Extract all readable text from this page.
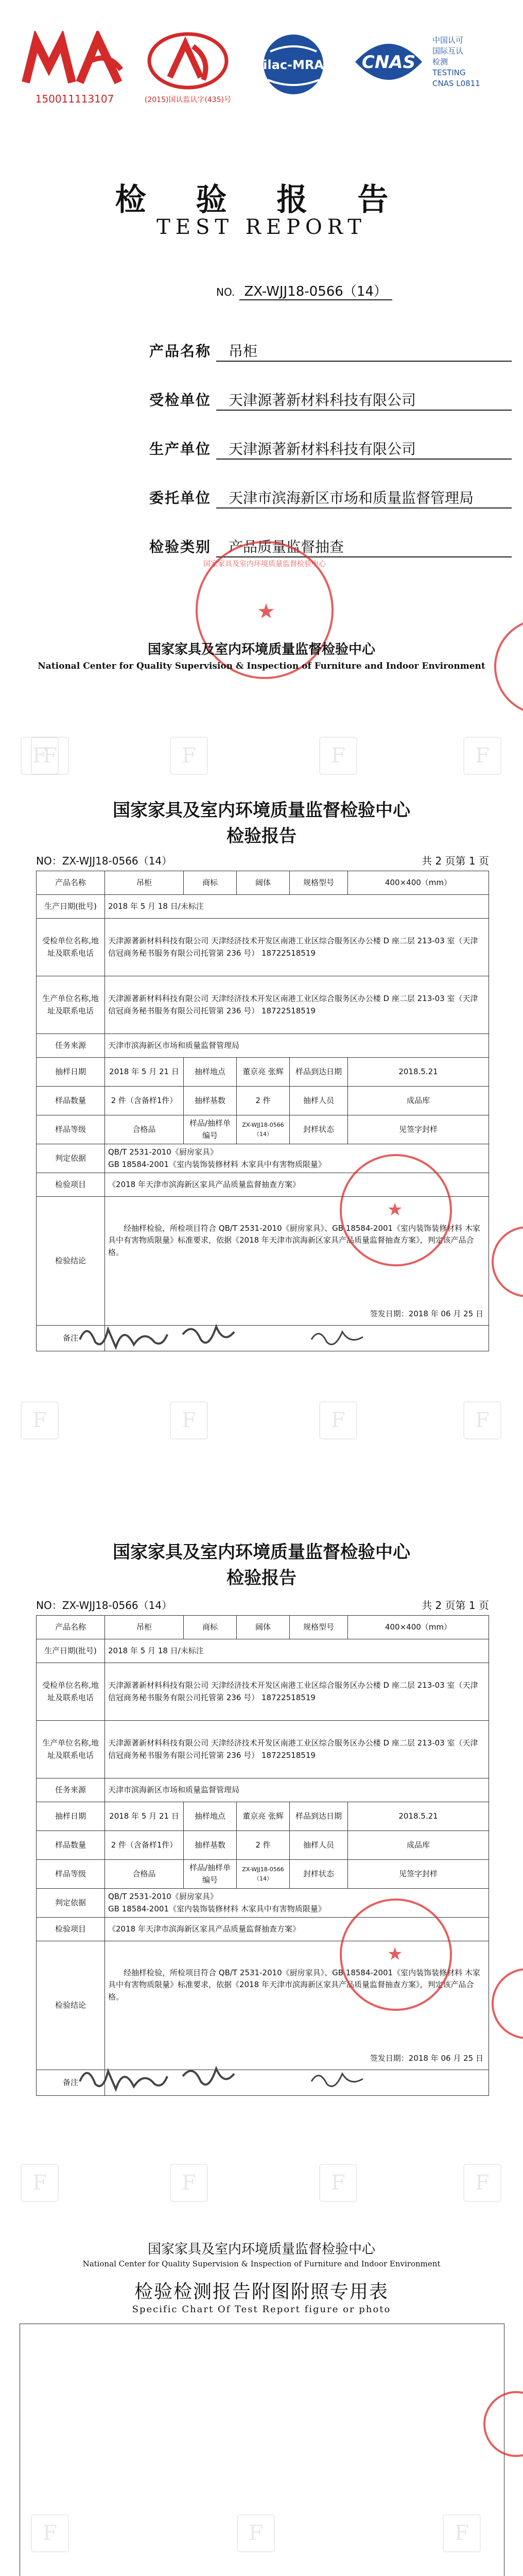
150011113107	(2015)国认监认字(435)号
ilac-MRA CNAS
中国认可
国际互认
检测
TESTING
CNAS L0811
检 验 报 告
TEST REPORT
NO. ZX-WJJ18-0566（14）
产品名称	吊柜
受检单位	天津源著新材料科技有限公司
生产单位	天津源著新材料科技有限公司
委托单位	天津市滨海新区市场和质量监督管理局
检验类别	产品质量监督抽查
★
国家家具及室内环境质量监督检验中心
国家家具及室内环境质量监督检验中心
National Center for Quality Supervision & Inspection of Furniture and Indoor Environment
F
F	F	F	F
国家家具及室内环境质量监督检验中心
检验报告
NO：ZX-WJJ18-0566（14）	共 2 页第 1 页
产品名称	吊柜	商标	阔体	规格型号	400×400（mm）
生产日期(批号)	2018 年 5 月 18 日/未标注				
受检单位名称,地址及联系电话	天津源著新材料科技有限公司 天津经济技术开发区南港工业区综合服务区办公楼 D 座二层 213-03 室（天津信冠商务秘书服务有限公司托管第 236 号） 18722518519				
生产单位名称,地址及联系电话	天津源著新材料科技有限公司 天津经济技术开发区南港工业区综合服务区办公楼 D 座二层 213-03 室（天津信冠商务秘书服务有限公司托管第 236 号） 18722518519				
任务来源	天津市滨海新区市场和质量监督管理局				
抽样日期	2018 年 5 月 21 日	抽样地点	董京亮 张辉	样品到达日期	2018.5.21
样品数量	2 件（含备样1件）	抽样基数	2 件	抽样人员	成品库
样品等级	合格品	样品/抽样单编号	ZX-WJJ18-0566（14）	封样状态	见签字封样
判定依据	QB/T 2531-2010《厨房家具》
GB 18584-2001《室内装饰装修材料 木家具中有害物质限量》				

检验项目	《2018 年天津市滨海新区家具产品质量监督抽查方案》				
检验结论	经抽样检验，所检项目符合 QB/T 2531-2010《厨房家具》、GB 18584-2001《室内装饰装修材料 木家具中有害物质限量》标准要求，依据《2018 年天津市滨海新区家具产品质量监督抽查方案》，判定该产品合格。
签发日期：2018 年 06 月 25 日				

备注					
★
F	F	F	F
国家家具及室内环境质量监督检验中心
检验报告
NO：ZX-WJJ18-0566（14）	共 2 页第 1 页
产品名称	吊柜	商标	阔体	规格型号	400×400（mm）
生产日期(批号)	2018 年 5 月 18 日/未标注				
受检单位名称,地址及联系电话	天津源著新材料科技有限公司 天津经济技术开发区南港工业区综合服务区办公楼 D 座二层 213-03 室（天津信冠商务秘书服务有限公司托管第 236 号） 18722518519				
生产单位名称,地址及联系电话	天津源著新材料科技有限公司 天津经济技术开发区南港工业区综合服务区办公楼 D 座二层 213-03 室（天津信冠商务秘书服务有限公司托管第 236 号） 18722518519				
任务来源	天津市滨海新区市场和质量监督管理局				
抽样日期	2018 年 5 月 21 日	抽样地点	董京亮 张辉	样品到达日期	2018.5.21
样品数量	2 件（含备样1件）	抽样基数	2 件	抽样人员	成品库
样品等级	合格品	样品/抽样单编号	ZX-WJJ18-0566（14）	封样状态	见签字封样
判定依据	QB/T 2531-2010《厨房家具》
GB 18584-2001《室内装饰装修材料 木家具中有害物质限量》				

检验项目	《2018 年天津市滨海新区家具产品质量监督抽查方案》				
检验结论	经抽样检验，所检项目符合 QB/T 2531-2010《厨房家具》、GB 18584-2001《室内装饰装修材料 木家具中有害物质限量》标准要求，依据《2018 年天津市滨海新区家具产品质量监督抽查方案》，判定该产品合格。
签发日期：2018 年 06 月 25 日				

备注					
★
F	F	F	F
国家家具及室内环境质量监督检验中心
National Center for Quality Supervision & Inspection of Furniture and Indoor Environment
检验检测报告附图附照专用表
Specific Chart Of Test Report figure or photo
F	F	F
